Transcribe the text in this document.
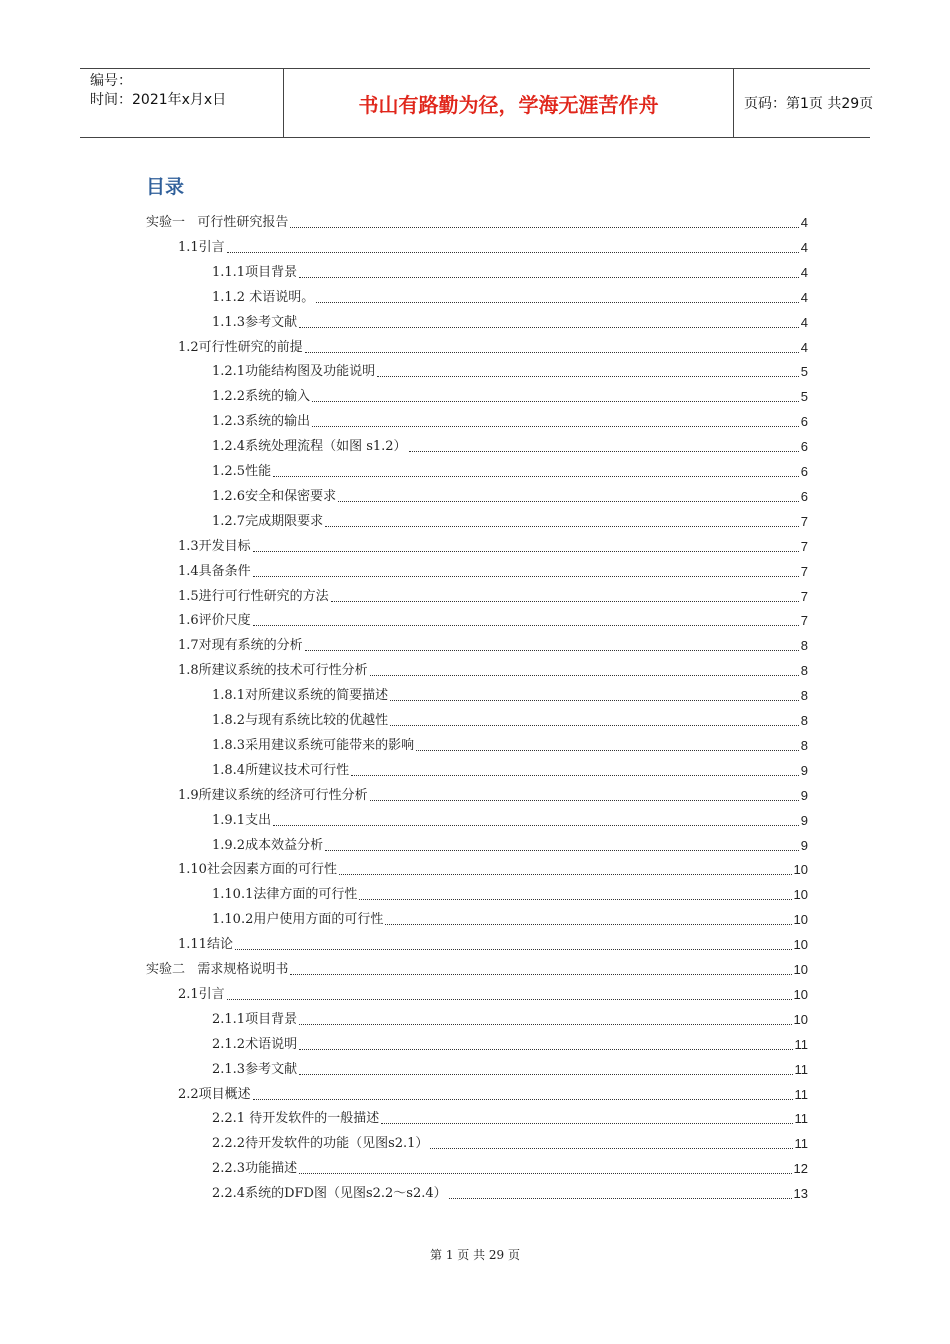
编号：
时间：2021年x月x日	书山有路勤为径，学海无涯苦作舟	页码：第1页 共29页
目录
实验一   可行性研究报告	4
1.1引言	4
1.1.1项目背景	4
1.1.2 术语说明。	4
1.1.3参考文献	4
1.2可行性研究的前提	4
1.2.1功能结构图及功能说明	5
1.2.2系统的输入	5
1.2.3系统的输出	6
1.2.4系统处理流程（如图 s1.2）	6
1.2.5性能	6
1.2.6安全和保密要求	6
1.2.7完成期限要求	7
1.3开发目标	7
1.4具备条件	7
1.5进行可行性研究的方法	7
1.6评价尺度	7
1.7对现有系统的分析	8
1.8所建议系统的技术可行性分析	8
1.8.1对所建议系统的简要描述	8
1.8.2与现有系统比较的优越性	8
1.8.3采用建议系统可能带来的影响	8
1.8.4所建议技术可行性	9
1.9所建议系统的经济可行性分析	9
1.9.1支出	9
1.9.2成本效益分析	9
1.10社会因素方面的可行性	10
1.10.1法律方面的可行性	10
1.10.2用户使用方面的可行性	10
1.11结论	10
实验二   需求规格说明书	10
2.1引言	10
2.1.1项目背景	10
2.1.2术语说明	11
2.1.3参考文献	11
2.2项目概述	11
2.2.1 待开发软件的一般描述	11
2.2.2待开发软件的功能（见图s2.1）	11
2.2.3功能描述	12
2.2.4系统的DFD图（见图s2.2～s2.4）	13
第 1 页 共 29 页
